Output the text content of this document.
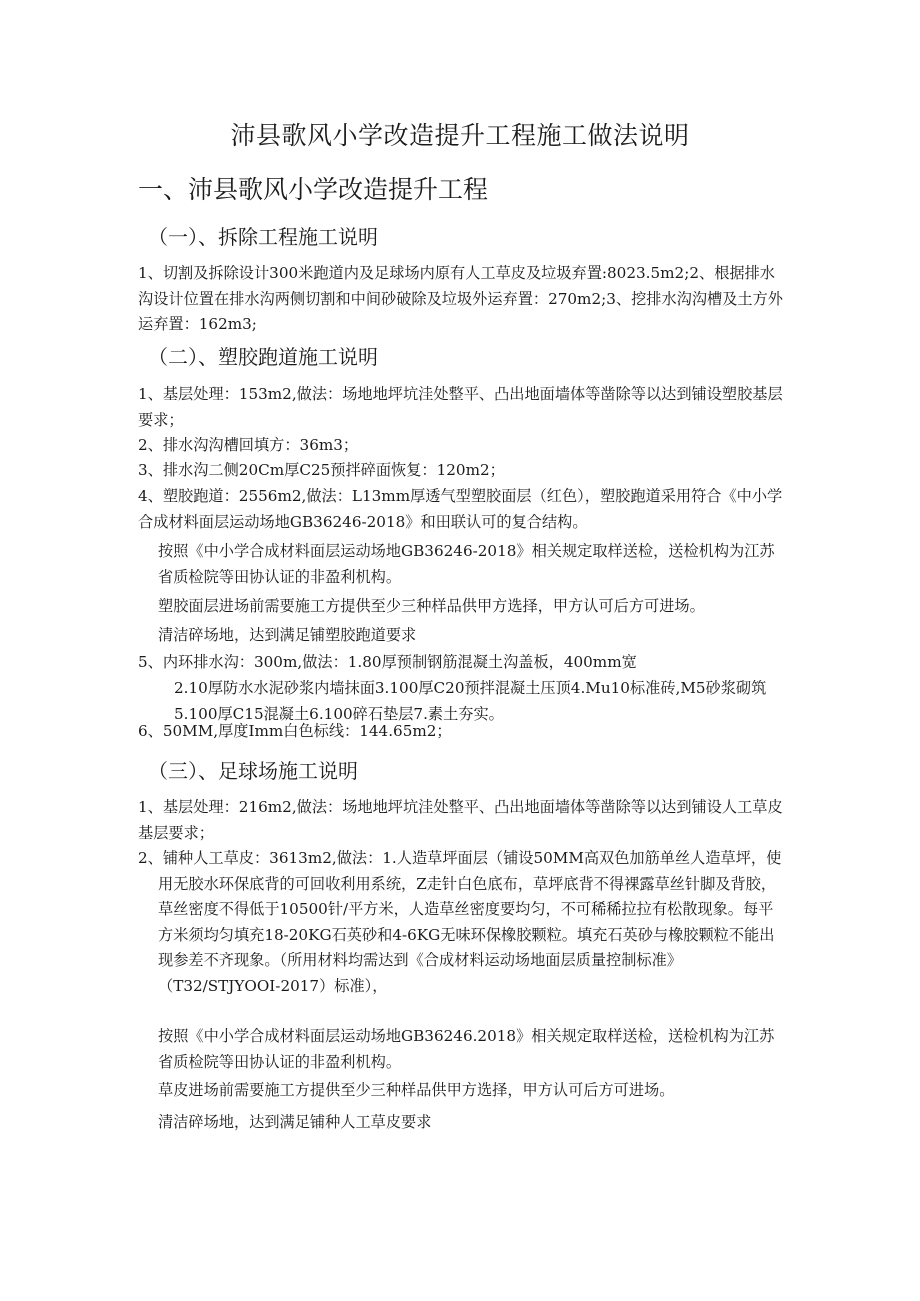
沛县歌风小学改造提升工程施工做法说明
一、沛县歌风小学改造提升工程
（一）、拆除工程施工说明

1、切割及拆除设计300米跑道内及足球场内原有人工草皮及垃圾弃置:8023.5m2;2、根据排水沟设计位置在排水沟两侧切割和中间砂破除及垃圾外运弃置：270m2;3、挖排水沟沟槽及土方外运弃置：162m3;

（二）、塑胶跑道施工说明

1、基层处理：153m2,做法：场地地坪坑洼处整平、凸出地面墙体等凿除等以达到铺设塑胶基层要求；

2、排水沟沟槽回填方：36m3；

3、排水沟二侧20Cm厚C25预拌碎面恢复：120m2；

4、塑胶跑道：2556m2,做法：L13mm厚透气型塑胶面层（红色），塑胶跑道采用符合《中小学合成材料面层运动场地GB36246-2018》和田联认可的复合结构。

按照《中小学合成材料面层运动场地GB36246-2018》相关规定取样送检，送检机构为江苏省质检院等田协认证的非盈利机构。

塑胶面层进场前需要施工方提供至少三种样品供甲方选择，甲方认可后方可进场。

清洁碎场地，达到满足铺塑胶跑道要求

5、内环排水沟：300m,做法：1.80厚预制钢筋混凝土沟盖板，400mm宽

2.10厚防水水泥砂浆内墙抹面3.100厚C20预拌混凝土压顶4.Mu10标准砖,M5砂浆砌筑5.100厚C15混凝土6.100碎石垫层7.素土夯实。

6、50MM,厚度Imm白色标线：144.65m2；

（三）、足球场施工说明

1、基层处理：216m2,做法：场地地坪坑洼处整平、凸出地面墙体等凿除等以达到铺设人工草皮基层要求；

2、铺种人工草皮：3613m2,做法：1.人造草坪面层（铺设50MM高双色加筋单丝人造草坪，使用无胶水环保底背的可回收利用系统，Z走针白色底布，草坪底背不得裸露草丝针脚及背胶，草丝密度不得低于10500针/平方米，人造草丝密度要均匀，不可稀稀拉拉有松散现象。每平方米须均匀填充18-20KG石英砂和4-6KG无味环保橡胶颗粒。填充石英砂与橡胶颗粒不能出现参差不齐现象。（所用材料均需达到《合成材料运动场地面层质量控制标准》（T32/STJYOOI-2017）标准），

按照《中小学合成材料面层运动场地GB36246.2018》相关规定取样送检，送检机构为江苏省质检院等田协认证的非盈利机构。

草皮进场前需要施工方提供至少三种样品供甲方选择，甲方认可后方可进场。

清洁碎场地，达到满足铺种人工草皮要求
